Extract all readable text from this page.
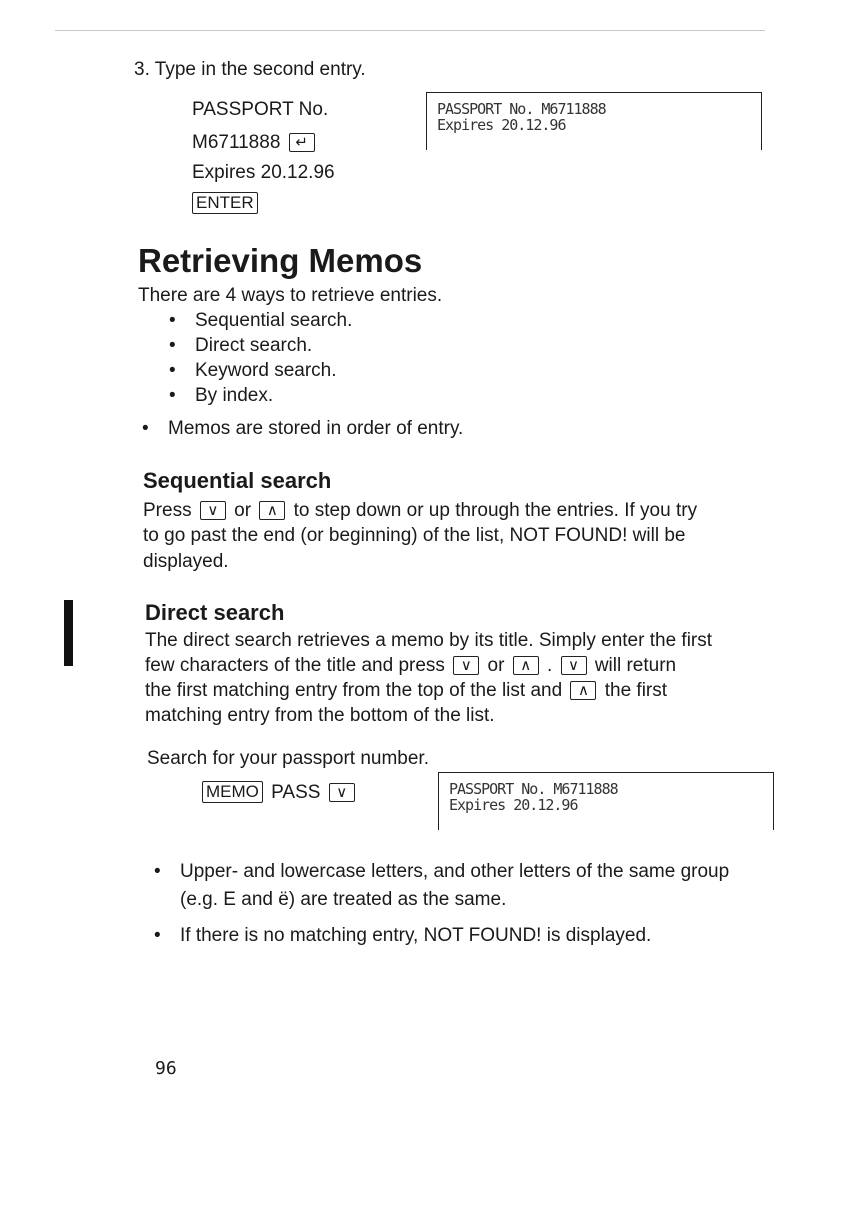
3. Type in the second entry.
PASSPORT No.
M6711888 ↵
Expires 20.12.96
ENTER
PASSPORT No. M6711888
Expires 20.12.96
Retrieving Memos
There are 4 ways to retrieve entries.
• Sequential search.
• Direct search.
• Keyword search.
• By index.
• Memos are stored in order of entry.
Sequential search
Press ∨ or ∧ to step down or up through the entries. If you try
to go past the end (or beginning) of the list, NOT FOUND! will be
displayed.
Direct search
The direct search retrieves a memo by its title. Simply enter the first
few characters of the title and press ∨ or ∧ . ∨ will return
the first matching entry from the top of the list and ∧ the first
matching entry from the bottom of the list.
Search for your passport number.
MEMO PASS ∨	PASSPORT No. M6711888
Expires 20.12.96
• Upper- and lowercase letters, and other letters of the same group
(e.g. E and ë) are treated as the same.
• If there is no matching entry, NOT FOUND! is displayed.
96
